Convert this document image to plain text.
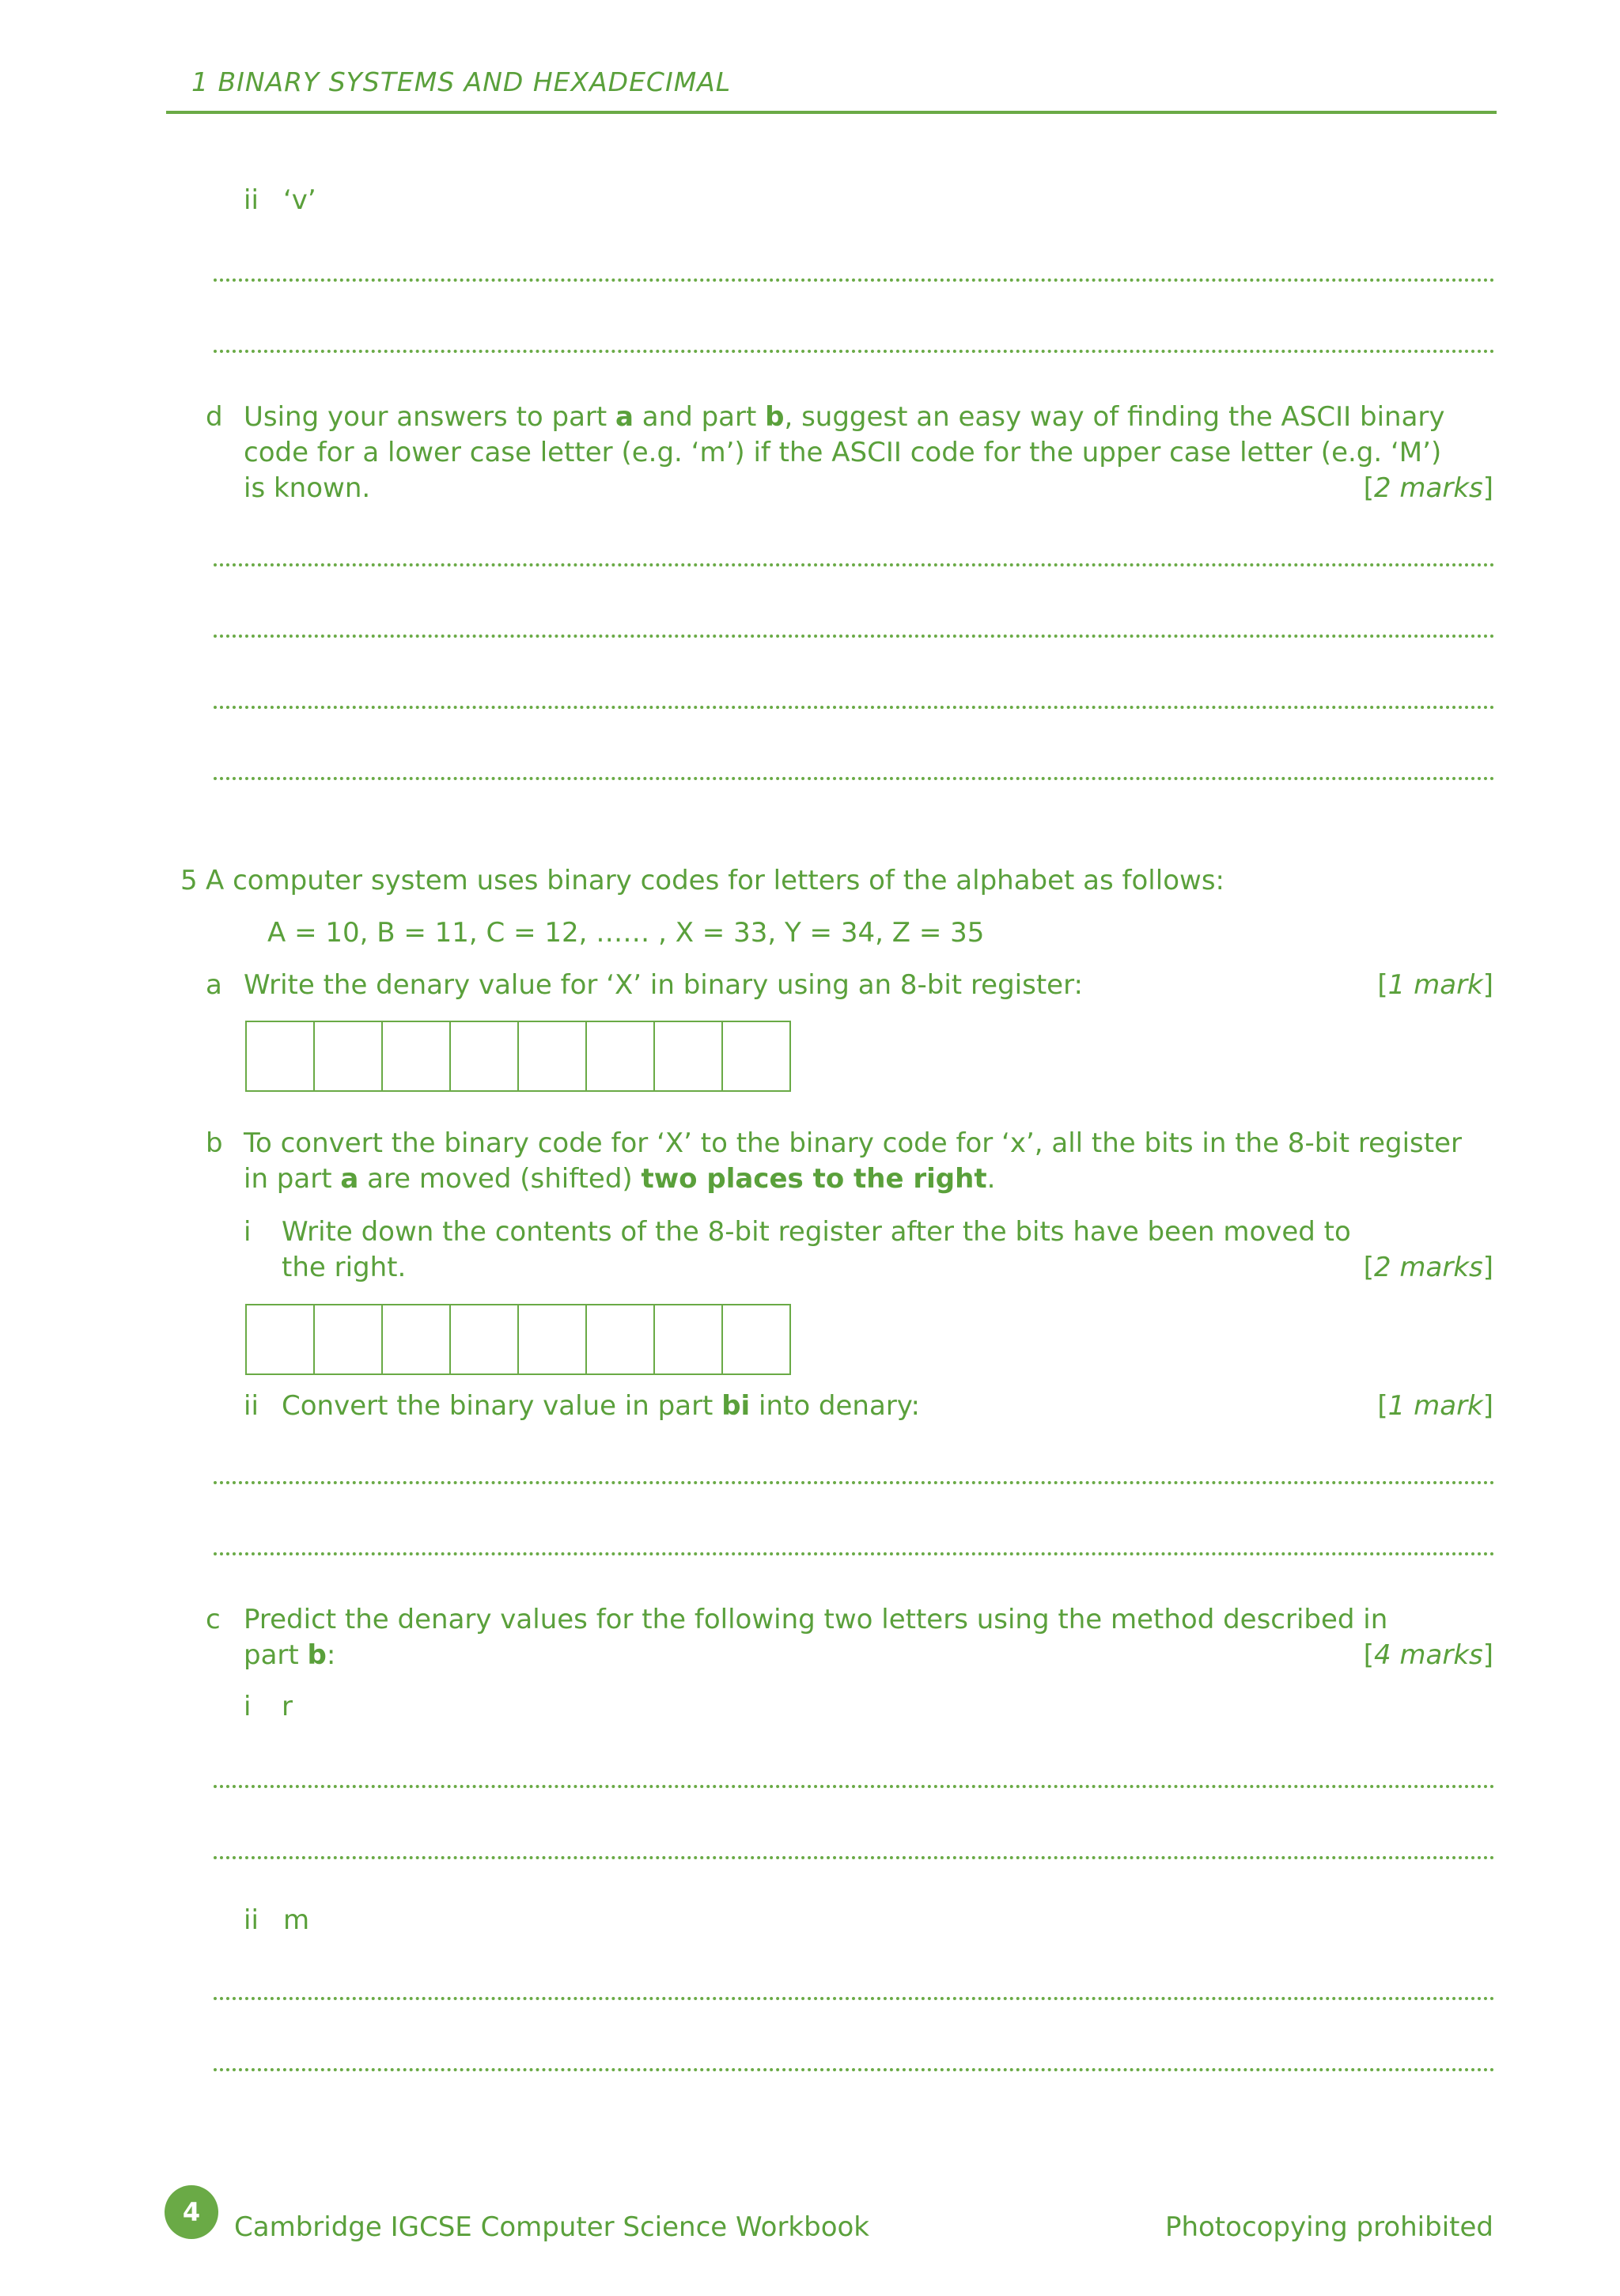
1 BINARY SYSTEMS AND HEXADECIMAL
ii ‘v’
d Using your answers to part a and part b, suggest an easy way of finding the ASCII binary
code for a lower case letter (e.g. ‘m’) if the ASCII code for the upper case letter (e.g. ‘M’)
is known.	[2 marks]
5 A computer system uses binary codes for letters of the alphabet as follows:
A = 10, B = 11, C = 12, …… , X = 33, Y = 34, Z = 35
a Write the denary value for ‘X’ in binary using an 8-bit register:	[1 mark]
b To convert the binary code for ‘X’ to the binary code for ‘x’, all the bits in the 8-bit register
in part a are moved (shifted) two places to the right.
i Write down the contents of the 8-bit register after the bits have been moved to
the right.	[2 marks]
ii Convert the binary value in part bi into denary:	[1 mark]
c Predict the denary values for the following two letters using the method described in
part b:	[4 marks]
i r
ii m
4	Cambridge IGCSE Computer Science Workbook	Photocopying prohibited
